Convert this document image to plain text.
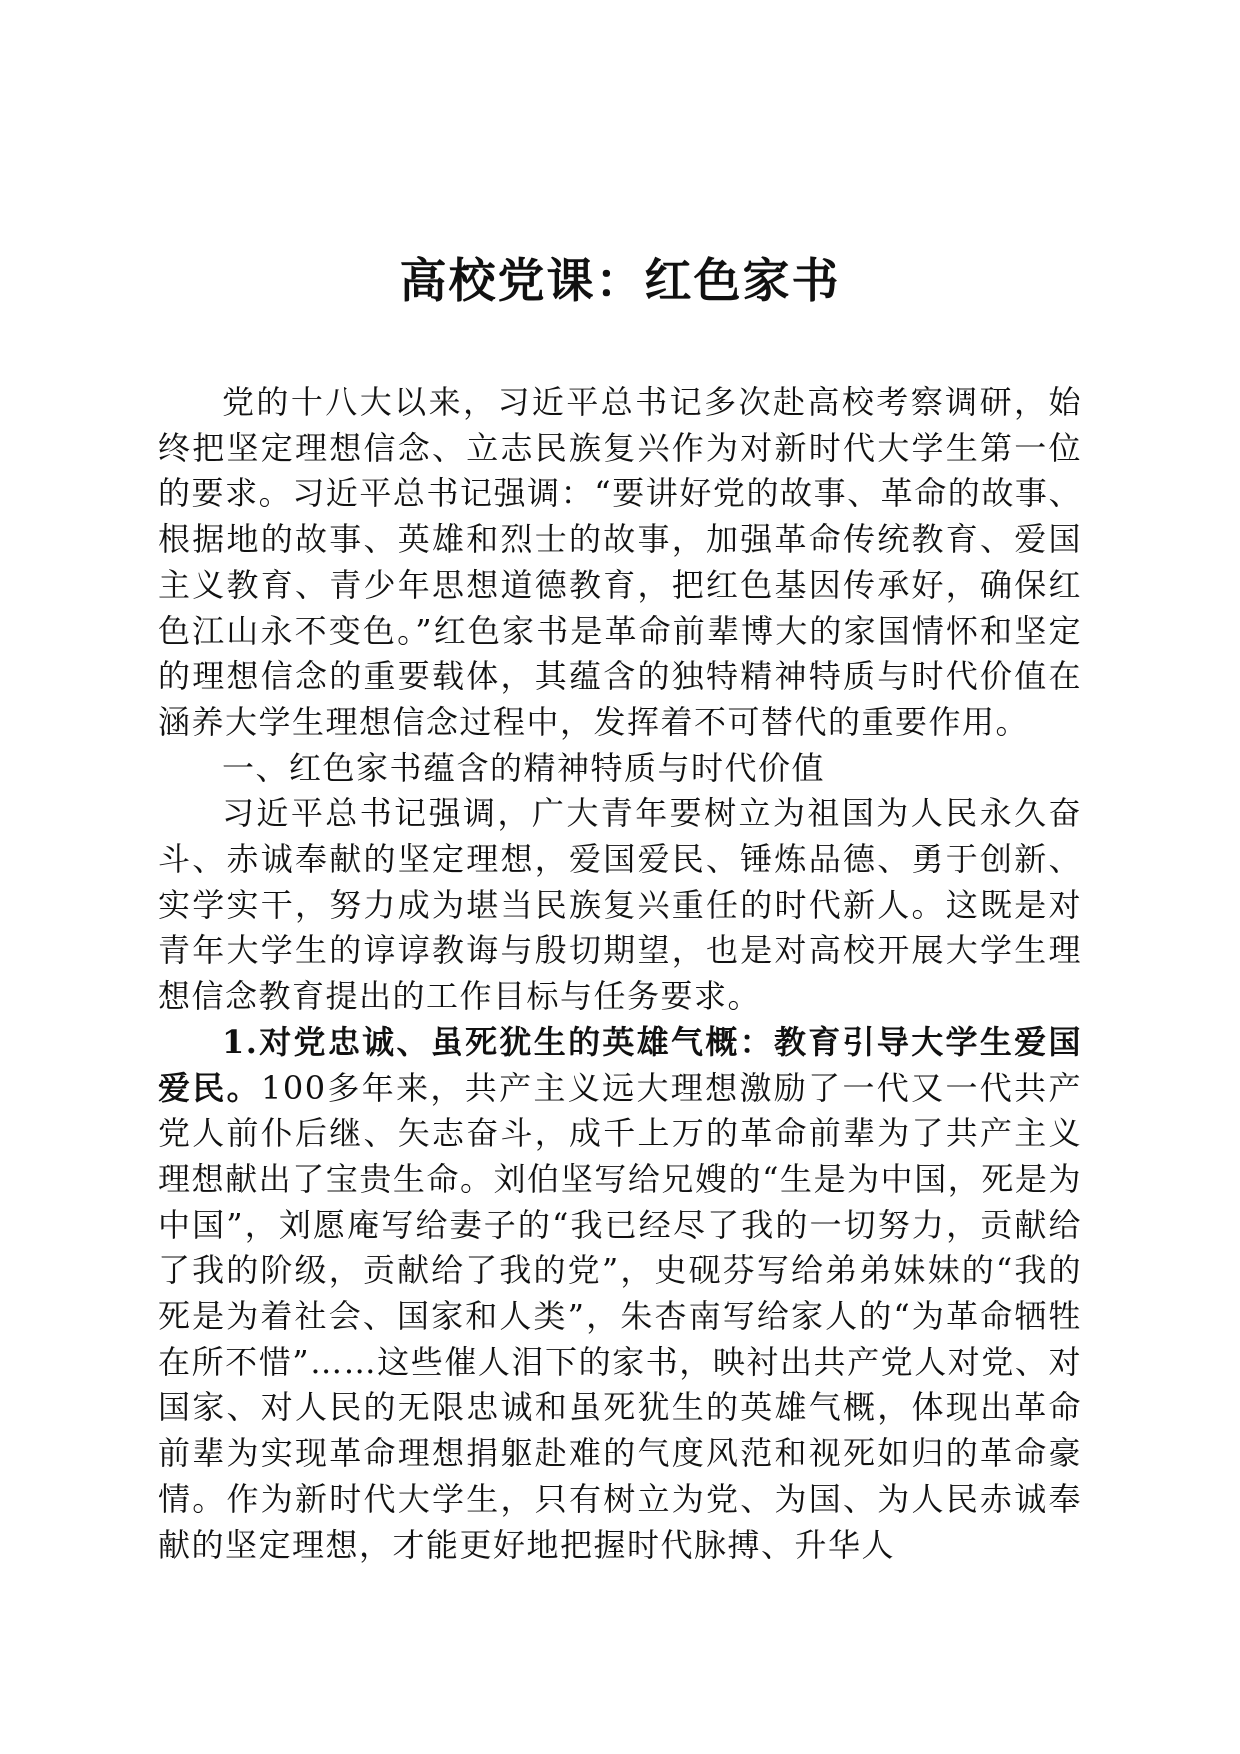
高校党课：红色家书

党的十八大以来，习近平总书记多次赴高校考察调研，始终把坚定理想信念、立志民族复兴作为对新时代大学生第一位的要求。习近平总书记强调：“要讲好党的故事、革命的故事、根据地的故事、英雄和烈士的故事，加强革命传统教育、爱国主义教育、青少年思想道德教育，把红色基因传承好，确保红色江山永不变色。”红色家书是革命前辈博大的家国情怀和坚定的理想信念的重要载体，其蕴含的独特精神特质与时代价值在涵养大学生理想信念过程中，发挥着不可替代的重要作用。

一、红色家书蕴含的精神特质与时代价值

习近平总书记强调，广大青年要树立为祖国为人民永久奋斗、赤诚奉献的坚定理想，爱国爱民、锤炼品德、勇于创新、实学实干，努力成为堪当民族复兴重任的时代新人。这既是对青年大学生的谆谆教诲与殷切期望，也是对高校开展大学生理想信念教育提出的工作目标与任务要求。

1.对党忠诚、虽死犹生的英雄气概：教育引导大学生爱国爱民。100多年来，共产主义远大理想激励了一代又一代共产党人前仆后继、矢志奋斗，成千上万的革命前辈为了共产主义理想献出了宝贵生命。刘伯坚写给兄嫂的“生是为中国，死是为中国”，刘愿庵写给妻子的“我已经尽了我的一切努力，贡献给了我的阶级，贡献给了我的党”，史砚芬写给弟弟妹妹的“我的死是为着社会、国家和人类”，朱杏南写给家人的“为革命牺牲在所不惜”……这些催人泪下的家书，映衬出共产党人对党、对国家、对人民的无限忠诚和虽死犹生的英雄气概，体现出革命前辈为实现革命理想捐躯赴难的气度风范和视死如归的革命豪情。作为新时代大学生，只有树立为党、为国、为人民赤诚奉献的坚定理想，才能更好地把握时代脉搏、升华人
